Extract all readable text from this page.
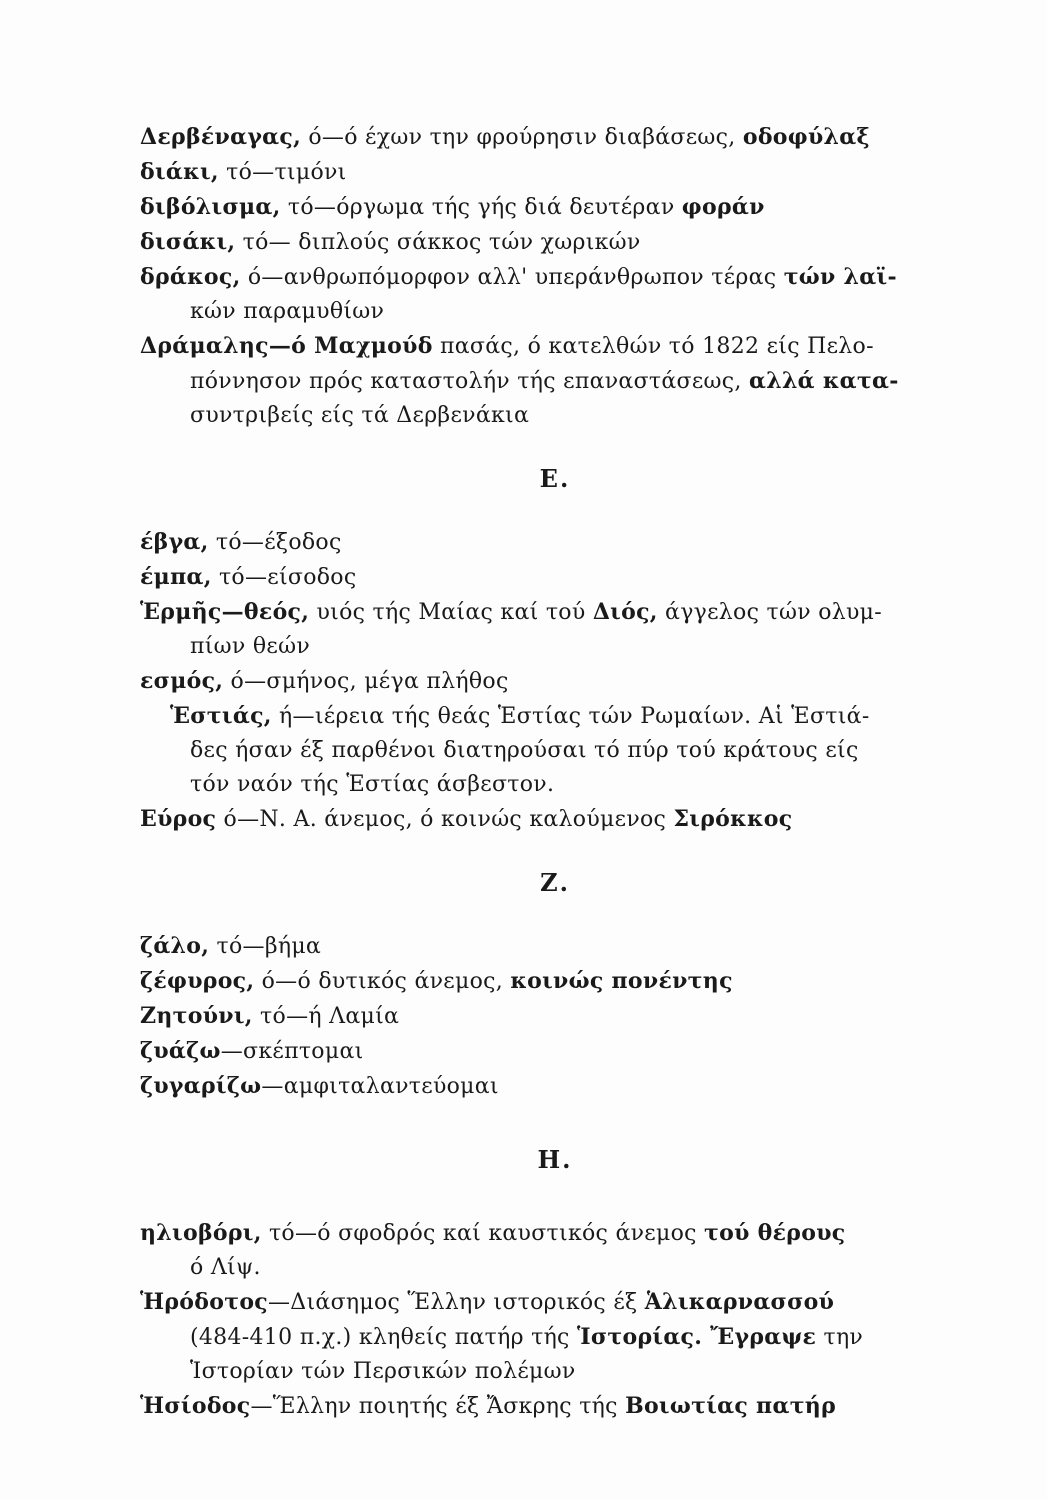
Δερβέναγας, ό—ό έχων την φρούρησιν διαβάσεως, οδοφύλαξ
διάκι, τό—τιμόνι
διβόλισμα, τό—όργωμα τής γής διά δευτέραν φοράν
δισάκι, τό— διπλούς σάκκος τών χωρικών
δράκος, ό—ανθρωπόμορφον αλλ' υπεράνθρωπον τέρας τών λαϊ-
κών παραμυθίων
Δράμαλης—ό Μαχμούδ πασάς, ό κατελθών τό 1822 είς Πελο-
πόννησον πρός καταστολήν τής επαναστάσεως, αλλά κατα-
συντριβείς είς τά Δερβενάκια
Ε.
έβγα, τό—έξοδος
έμπα, τό—είσοδος
Ἑρμῆς—θεός, υιός τής Μαίας καί τού Διός, άγγελος τών ολυμ-
πίων θεών
εσμός, ό—σμήνος, μέγα πλήθος
Ἑστιάς, ή—ιέρεια τής θεάς Ἑστίας τών Ρωμαίων. Αἱ Ἑστιά-
δες ήσαν έξ παρθένοι διατηρούσαι τό πύρ τού κράτους είς
τόν ναόν τής Ἑστίας άσβεστον.
Εύρος ό—Ν. Α. άνεμος, ό κοινώς καλούμενος Σιρόκκος
Ζ.
ζάλο, τό—βήμα
ζέφυρος, ό—ό δυτικός άνεμος, κοινώς πονέντης
Ζητούνι, τό—ή Λαμία
ζυάζω—σκέπτομαι
ζυγαρίζω—αμφιταλαντεύομαι
Η.
ηλιοβόρι, τό—ό σφοδρός καί καυστικός άνεμος τού θέρους
ό Λίψ.
Ἡρόδοτος—Διάσημος Ἕλλην ιστορικός έξ Ἁλικαρνασσού
(484-410 π.χ.) κληθείς πατήρ τής Ἱστορίας. Ἔγραψε την
Ἱστορίαν τών Περσικών πολέμων
Ἡσίοδος—Ἕλλην ποιητής έξ Ἄσκρης τής Βοιωτίας πατήρ
